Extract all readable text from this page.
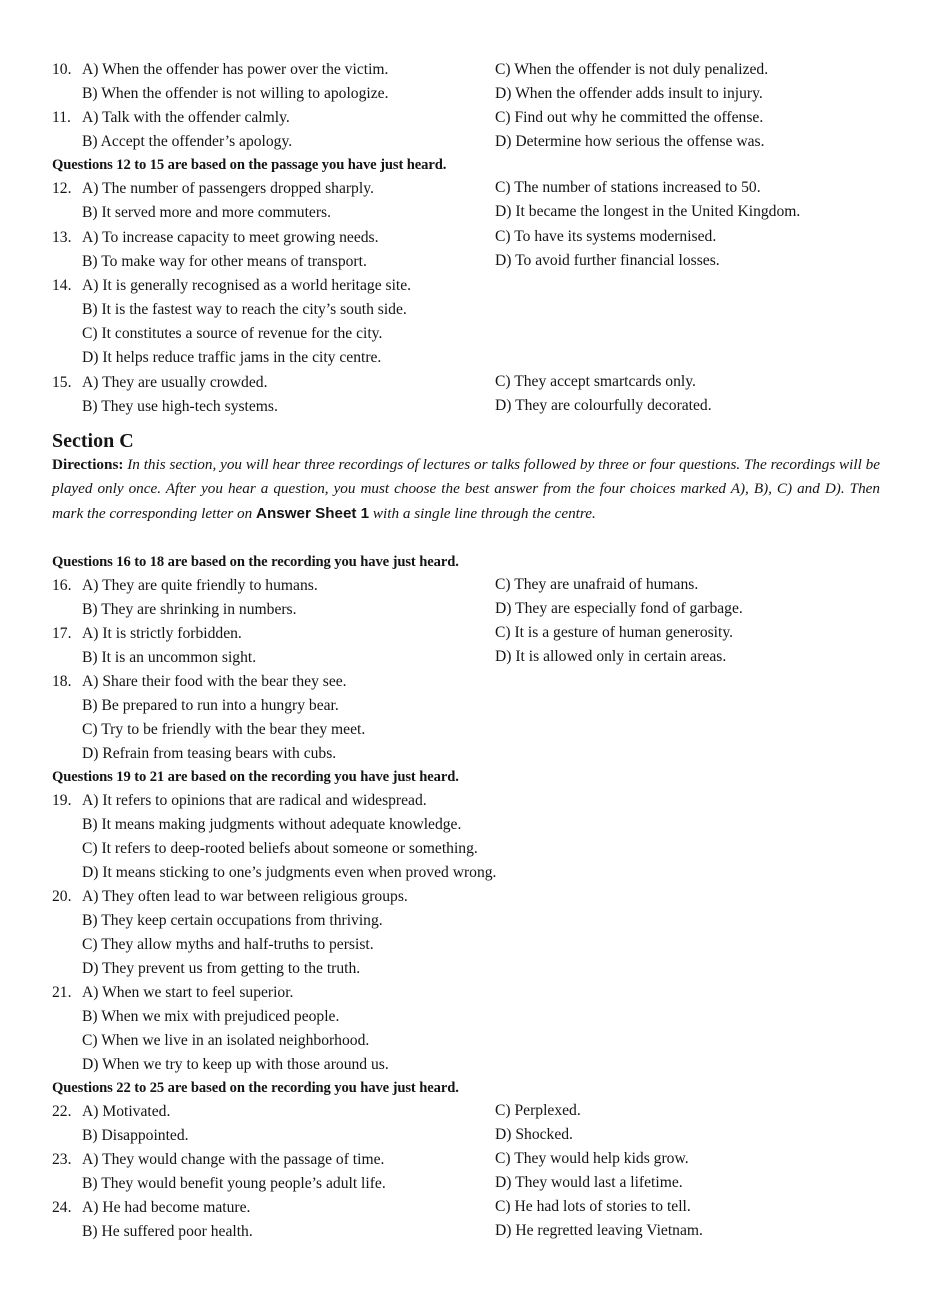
10. A) When the offender has power over the victim.	C) When the offender is not duly penalized.
B) When the offender is not willing to apologize.	D) When the offender adds insult to injury.
11. A) Talk with the offender calmly.	C) Find out why he committed the offense.
B) Accept the offender’s apology.	D) Determine how serious the offense was.
Questions 12 to 15 are based on the passage you have just heard.
12. A) The number of passengers dropped sharply.	C) The number of stations increased to 50.
B) It served more and more commuters.	D) It became the longest in the United Kingdom.
13. A) To increase capacity to meet growing needs.	C) To have its systems modernised.
B) To make way for other means of transport.	D) To avoid further financial losses.
14. A) It is generally recognised as a world heritage site.
B) It is the fastest way to reach the city’s south side.
C) It constitutes a source of revenue for the city.
D) It helps reduce traffic jams in the city centre.
15. A) They are usually crowded.	C) They accept smartcards only.
B) They use high-tech systems.	D) They are colourfully decorated.
Section C
Directions: In this section, you will hear three recordings of lectures or talks followed by three or four questions. The recordings will be played only once. After you hear a question, you must choose the best answer from the four choices marked A), B), C) and D). Then mark the corresponding letter on Answer Sheet 1 with a single line through the centre.
Questions 16 to 18 are based on the recording you have just heard.
16. A) They are quite friendly to humans.	C) They are unafraid of humans.
B) They are shrinking in numbers.	D) They are especially fond of garbage.
17. A) It is strictly forbidden.	C) It is a gesture of human generosity.
B) It is an uncommon sight.	D) It is allowed only in certain areas.
18. A) Share their food with the bear they see.
B) Be prepared to run into a hungry bear.
C) Try to be friendly with the bear they meet.
D) Refrain from teasing bears with cubs.
Questions 19 to 21 are based on the recording you have just heard.
19. A) It refers to opinions that are radical and widespread.
B) It means making judgments without adequate knowledge.
C) It refers to deep-rooted beliefs about someone or something.
D) It means sticking to one’s judgments even when proved wrong.
20. A) They often lead to war between religious groups.
B) They keep certain occupations from thriving.
C) They allow myths and half-truths to persist.
D) They prevent us from getting to the truth.
21. A) When we start to feel superior.
B) When we mix with prejudiced people.
C) When we live in an isolated neighborhood.
D) When we try to keep up with those around us.
Questions 22 to 25 are based on the recording you have just heard.
22. A) Motivated.	C) Perplexed.
B) Disappointed.	D) Shocked.
23. A) They would change with the passage of time.	C) They would help kids grow.
B) They would benefit young people’s adult life.	D) They would last a lifetime.
24. A) He had become mature.	C) He had lots of stories to tell.
B) He suffered poor health.	D) He regretted leaving Vietnam.
